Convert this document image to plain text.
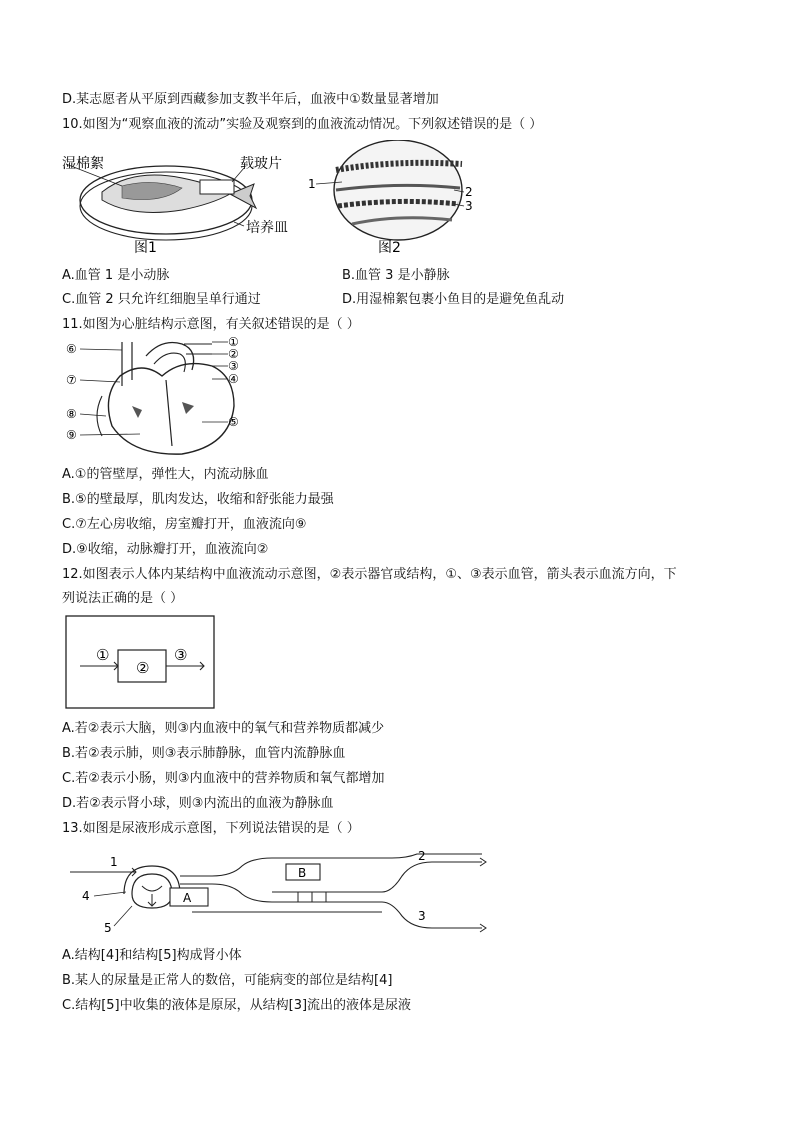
D.某志愿者从平原到西藏参加支教半年后，血液中①数量显著增加
10.如图为“观察血液的流动”实验及观察到的血液流动情况。下列叙述错误的是（ ）
湿棉絮	载玻片
培养皿
图1
1
2
3
图2
A.血管 1 是小动脉	B.血管 3 是小静脉
C.血管 2 只允许红细胞呈单行通过	D.用湿棉絮包裹小鱼目的是避免鱼乱动
11.如图为心脏结构示意图，有关叙述错误的是（ ）
①
②
③
④
⑤
⑥
⑦
⑧
⑨
A.①的管壁厚，弹性大，内流动脉血
B.⑤的壁最厚，肌肉发达，收缩和舒张能力最强
C.⑦左心房收缩，房室瓣打开，血液流向⑨
D.⑨收缩，动脉瓣打开，血液流向②
12.如图表示人体内某结构中血液流动示意图，②表示器官或结构，①、③表示血管，箭头表示血流方向，下
列说法正确的是（ ）
①
②
③
A.若②表示大脑，则③内血液中的氧气和营养物质都减少
B.若②表示肺，则③表示肺静脉，血管内流静脉血
C.若②表示小肠，则③内血液中的营养物质和氧气都增加
D.若②表示肾小球，则③内流出的血液为静脉血
13.如图是尿液形成示意图，下列说法错误的是（ ）
A
B
1	2
3
4
5
A.结构[4]和结构[5]构成肾小体
B.某人的尿量是正常人的数倍，可能病变的部位是结构[4]
C.结构[5]中收集的液体是原尿，从结构[3]流出的液体是尿液
